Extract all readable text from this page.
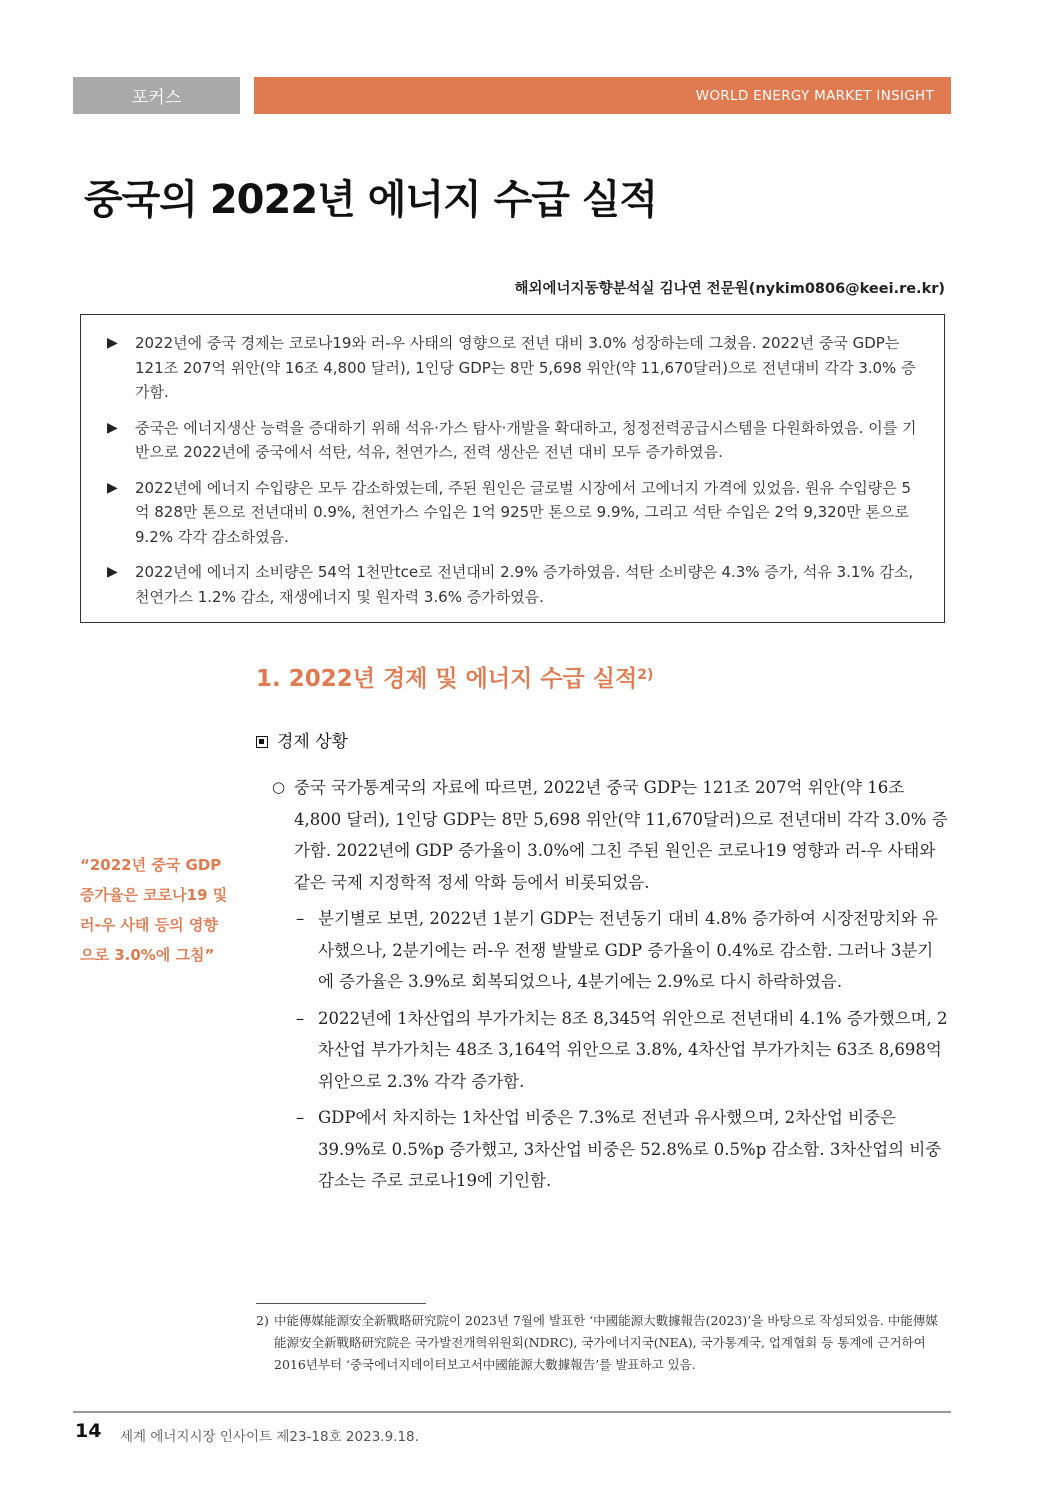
포커스	WORLD ENERGY MARKET INSIGHT
중국의 2022년 에너지 수급 실적
해외에너지동향분석실 김나연 전문원(nykim0806@keei.re.kr)
▶	2022년에 중국 경제는 코로나19와 러-우 사태의 영향으로 전년 대비 3.0% 성장하는데 그쳤음. 2022년 중국 GDP는 121조 207억 위안(약 16조 4,800 달러), 1인당 GDP는 8만 5,698 위안(약 11,670달러)으로 전년대비 각각 3.0% 증가함.
▶	중국은 에너지생산 능력을 증대하기 위해 석유·가스 탐사·개발을 확대하고, 청정전력공급시스템을 다원화하였음. 이를 기반으로 2022년에 중국에서 석탄, 석유, 천연가스, 전력 생산은 전년 대비 모두 증가하였음.
▶	2022년에 에너지 수입량은 모두 감소하였는데, 주된 원인은 글로벌 시장에서 고에너지 가격에 있었음. 원유 수입량은 5억 828만 톤으로 전년대비 0.9%, 천연가스 수입은 1억 925만 톤으로 9.9%, 그리고 석탄 수입은 2억 9,320만 톤으로 9.2% 각각 감소하였음.
▶	2022년에 에너지 소비량은 54억 1천만tce로 전년대비 2.9% 증가하였음. 석탄 소비량은 4.3% 증가, 석유 3.1% 감소, 천연가스 1.2% 감소, 재생에너지 및 원자력 3.6% 증가하였음.
1. 2022년 경제 및 에너지 수급 실적$^{2)}$
경제 상황
○ 중국 국가통계국의 자료에 따르면, 2022년 중국 GDP는 121조 207억 위안(약 16조 4,800 달러), 1인당 GDP는 8만 5,698 위안(약 11,670달러)으로 전년대비 각각 3.0% 증가함. 2022년에 GDP 증가율이 3.0%에 그친 주된 원인은 코로나19 영향과 러-우 사태와 같은 국제 지정학적 정세 악화 등에서 비롯되었음.
– 분기별로 보면, 2022년 1분기 GDP는 전년동기 대비 4.8% 증가하여 시장전망치와 유사했으나, 2분기에는 러-우 전쟁 발발로 GDP 증가율이 0.4%로 감소함. 그러나 3분기에 증가율은 3.9%로 회복되었으나, 4분기에는 2.9%로 다시 하락하였음.
– 2022년에 1차산업의 부가가치는 8조 8,345억 위안으로 전년대비 4.1% 증가했으며, 2차산업 부가가치는 48조 3,164억 위안으로 3.8%, 4차산업 부가가치는 63조 8,698억 위안으로 2.3% 각각 증가함.
– GDP에서 차지하는 1차산업 비중은 7.3%로 전년과 유사했으며, 2차산업 비중은 39.9%로 0.5%p 증가했고, 3차산업 비중은 52.8%로 0.5%p 감소함. 3차산업의 비중 감소는 주로 코로나19에 기인함.
“2022년 중국 GDP 증가율은 코로나19 및 러-우 사태 등의 영향으로 3.0%에 그침”
2) 中能傳媒能源安全新戰略研究院이 2023년 7월에 발표한 ‘中國能源大數據報告(2023)’을 바탕으로 작성되었음. 中能傳媒能源安全新戰略研究院은 국가발전개혁위원회(NDRC), 국가에너지국(NEA), 국가통계국, 업계협회 등 통계에 근거하여 2016년부터 ‘중국에너지데이터보고서中國能源大數據報告’를 발표하고 있음.
14 세계 에너지시장 인사이트 제23-18호 2023.9.18.
